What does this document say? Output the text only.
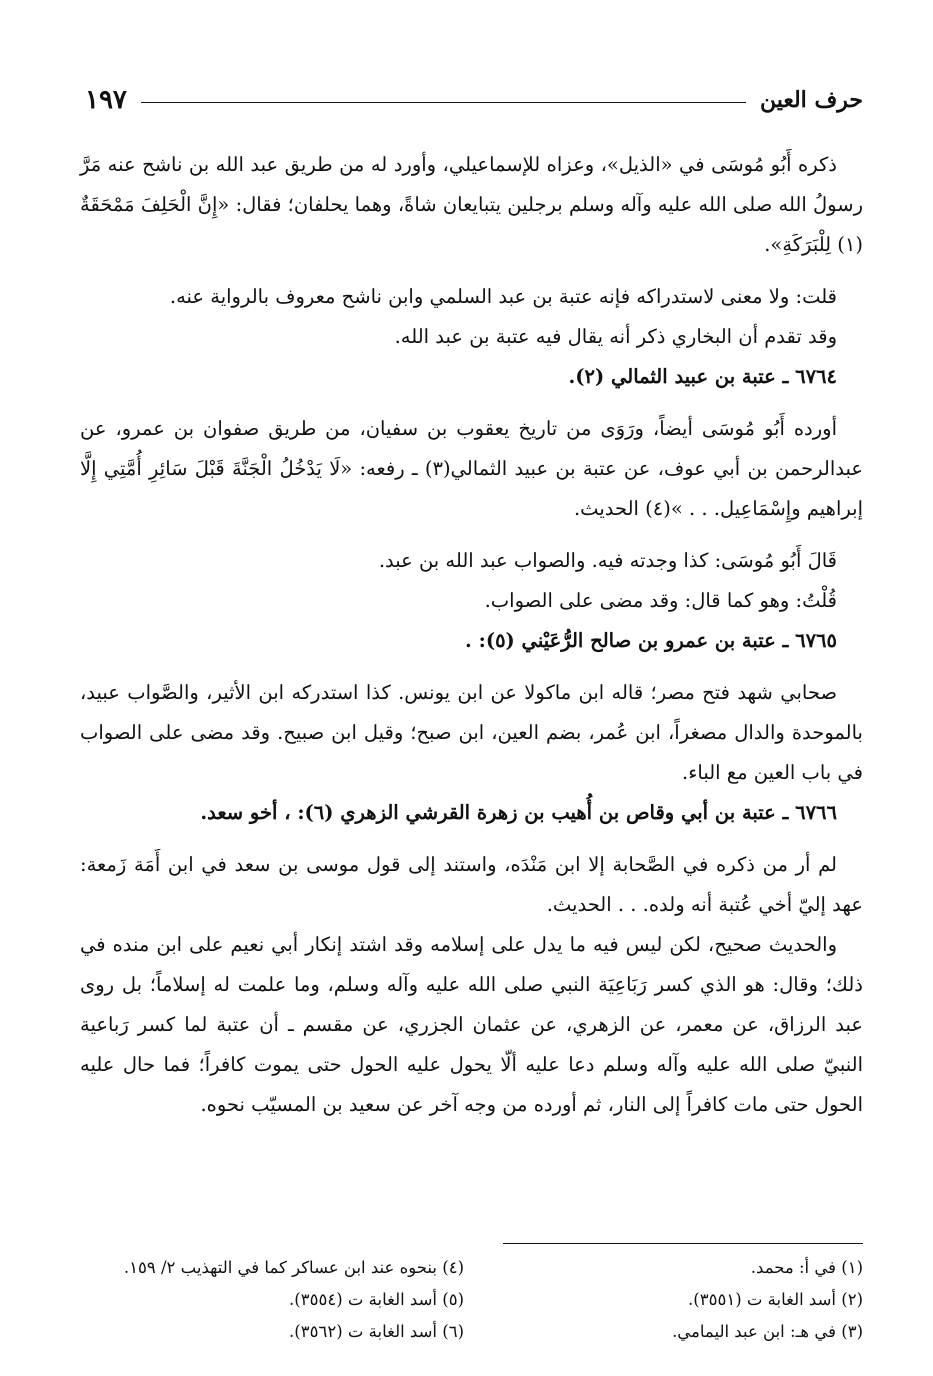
حرف العين
١٩٧

ذكره أَبُو مُوسَى في «الذيل»، وعزاه للإسماعيلي، وأورد له من طريق عبد الله بن ناشح عنه مَرَّ رسولُ الله صلى الله عليه وآله وسلم برجلين يتبايعان شاةً، وهما يحلفان؛ فقال: «إِنَّ الْحَلِفَ مَمْحَقَةٌ (١) لِلْبَرَكَةِ».

قلت: ولا معنى لاستدراكه فإنه عتبة بن عبد السلمي وابن ناشح معروف بالرواية عنه.

وقد تقدم أن البخاري ذكر أنه يقال فيه عتبة بن عبد الله.

٦٧٦٤ ـ عتبة بن عبيد الثمالي (٢).

أورده أَبُو مُوسَى أيضاً، ورَوَى من تاريخ يعقوب بن سفيان، من طريق صفوان بن عمرو، عن عبدالرحمن بن أبي عوف، عن عتبة بن عبيد الثمالي(٣) ـ رفعه: «لَا يَدْخُلُ الْجَنَّةَ قَبْلَ سَائِرِ أُمَّتِي إِلَّا إبراهيم وإِسْمَاعِيل. . . »(٤) الحديث.

قَالَ أَبُو مُوسَى: كذا وجدته فيه. والصواب عبد الله بن عبد.

قُلْتُ: وهو كما قال: وقد مضى على الصواب.

٦٧٦٥ ـ عتبة بن عمرو بن صالح الرُّعَيْني (٥): .

صحابي شهد فتح مصر؛ قاله ابن ماكولا عن ابن يونس. كذا استدركه ابن الأثير، والصَّواب عبيد، بالموحدة والدال مصغراً، ابن عُمر، بضم العين، ابن صبح؛ وقيل ابن صبيح. وقد مضى على الصواب في باب العين مع الباء.

٦٧٦٦ ـ عتبة بن أبي وقاص بن أُهيب بن زهرة القرشي الزهري (٦): ، أخو سعد.

لم أر من ذكره في الصَّحابة إلا ابن مَنْدَه، واستند إلى قول موسى بن سعد في ابن أَمَة زَمعة: عهد إليّ أخي عُتبة أنه ولده. . . الحديث.

والحديث صحيح، لكن ليس فيه ما يدل على إسلامه وقد اشتد إنكار أبي نعيم على ابن منده في ذلك؛ وقال: هو الذي كسر رَبَاعِيَة النبي صلى الله عليه وآله وسلم، وما علمت له إسلاماً؛ بل روى عبد الرزاق، عن معمر، عن الزهري، عن عثمان الجزري، عن مقسم ـ أن عتبة لما كسر رَباعية النبيّ صلى الله عليه وآله وسلم دعا عليه ألّا يحول عليه الحول حتى يموت كافراً؛ فما حال عليه الحول حتى مات كافراً إلى النار، ثم أورده من وجه آخر عن سعيد بن المسيّب نحوه.

(١) في أ: محمد.
(٢) أسد الغابة ت (٣٥٥١).
(٣) في هـ: ابن عبد اليمامي.
(٤) بنحوه عند ابن عساكر كما في التهذيب ٢/ ١٥٩.
(٥) أسد الغابة ت (٣٥٥٤).
(٦) أسد الغابة ت (٣٥٦٢).
